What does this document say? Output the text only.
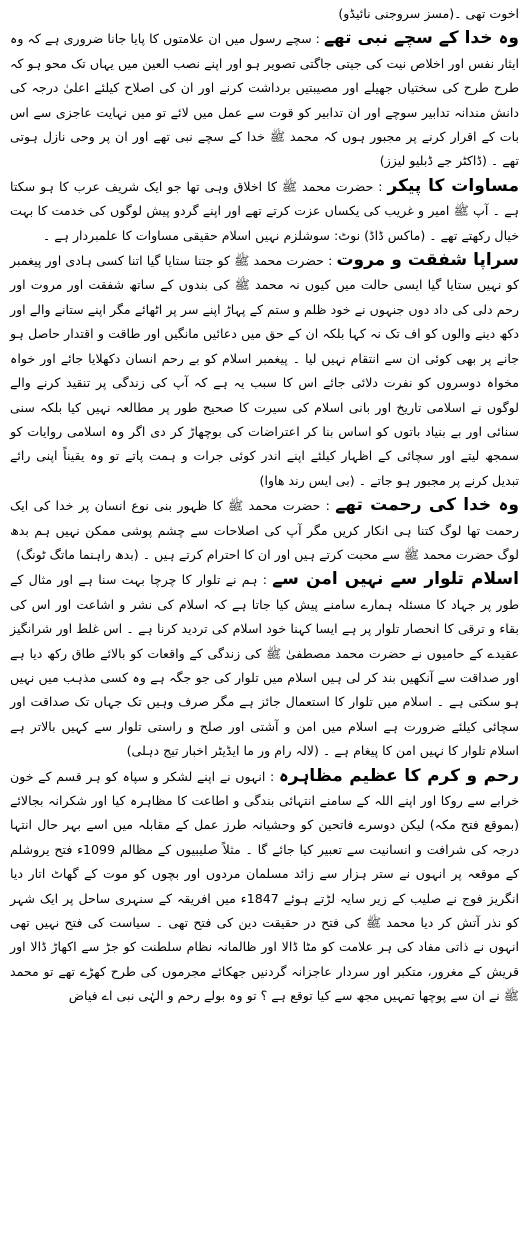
اخوت تھی ۔(مسز سروجنی نائیڈو)

وہ خدا کے سچے نبی تھے : سچے رسول میں ان علامتوں کا پایا جانا ضروری ہے کہ وہ ایثار نفس اور اخلاص نیت کی جیتی جاگتی تصویر ہو اور اپنے نصب العین میں یہاں تک محو ہو کہ طرح طرح کی سختیاں جھیلے اور مصیبتیں برداشت کرنے اور ان کی اصلاح کیلئے اعلیٰ درجہ کی دانش مندانہ تدابیر سوچے اور ان تدابیر کو قوت سے عمل میں لائے تو میں نہایت عاجزی سے اس بات کے اقرار کرنے پر مجبور ہوں کہ محمد ﷺ خدا کے سچے نبی تھے اور ان پر وحی نازل ہوتی تھے ۔ (ڈاکٹر جے ڈبلیو لیزز)

مساوات کا پیکر : حضرت محمد ﷺ کا اخلاق وہی تھا جو ایک شریف عرب کا ہو سکتا ہے ۔ آپ ﷺ امیر و غریب کی یکساں عزت کرتے تھے اور اپنے گردو پیش لوگوں کی خدمت کا بہت خیال رکھتے تھے ۔ (ماکس ڈاڈ) نوٹ: سوشلزم نہیں اسلام حقیقی مساوات کا علمبردار ہے ۔

سراپا شفقت و مروت : حضرت محمد ﷺ کو جتنا ستایا گیا اتنا کسی ہادی اور پیغمبر کو نہیں ستایا گیا ایسی حالت میں کیوں نہ محمد ﷺ کی بندوں کے ساتھ شفقت اور مروت اور رحم دلی کی داد دوں جنہوں نے خود ظلم و ستم کے پہاڑ اپنے سر پر اٹھائے مگر اپنے ستانے والے اور دکھ دینے والوں کو اف تک نہ کہا بلکہ ان کے حق میں دعائیں مانگیں اور طاقت و اقتدار حاصل ہو جانے پر بھی کوئی ان سے انتقام نہیں لیا ۔ پیغمبر اسلام کو بے رحم انسان دکھلایا جائے اور خواہ مخواہ دوسروں کو نفرت دلائی جائے اس کا سبب یہ ہے کہ آپ کی زندگی پر تنقید کرنے والے لوگوں نے اسلامی تاریخ اور بانی اسلام کی سیرت کا صحیح طور پر مطالعہ نہیں کیا بلکہ سنی سنائی اور بے بنیاد باتوں کو اساس بنا کر اعتراضات کی بوچھاڑ کر دی اگر وہ اسلامی روایات کو سمجھ لیتے اور سچائی کے اظہار کیلئے اپنے اندر کوئی جرات و ہمت پاتے تو وہ یقیناً اپنی رائے تبدیل کرنے پر مجبور ہو جاتے ۔ (بی ایس رند ھاوا)

وہ خدا کی رحمت تھے : حضرت محمد ﷺ کا ظہور بنی نوع انسان پر خدا کی ایک رحمت تھا لوگ کتنا ہی انکار کریں مگر آپ کی اصلاحات سے چشم پوشی ممکن نہیں ہم بدھ لوگ حضرت محمد ﷺ سے محبت کرتے ہیں اور ان کا احترام کرتے ہیں ۔ (بدھ راہنما ماتگ ٹونگ)

اسلام تلوار سے نہیں امن سے : ہم نے تلوار کا چرچا بہت سنا ہے اور مثال کے طور پر جہاد کا مسئلہ ہمارے سامنے پیش کیا جاتا ہے کہ اسلام کی نشر و اشاعت اور اس کی بقاء و ترقی کا انحصار تلوار پر ہے ایسا کہنا خود اسلام کی تردید کرنا ہے ۔ اس غلط اور شرانگیز عقیدے کے حامیوں نے حضرت محمد مصطفیٰ ﷺ کی زندگی کے واقعات کو بالائے طاق رکھ دیا ہے اور صداقت سے آنکھیں بند کر لی ہیں اسلام میں تلوار کی جو جگہ ہے وہ کسی مذہب میں نہیں ہو سکتی ہے ۔ اسلام میں تلوار کا استعمال جائز ہے مگر صرف وہیں تک جہاں تک صداقت اور سچائی کیلئے ضرورت ہے اسلام میں امن و آشتی اور صلح و راستی تلوار سے کہیں بالاتر ہے اسلام تلوار کا نہیں امن کا پیغام ہے ۔ (لالہ رام ور ما ایڈیٹر اخبار تیج دہلی)

رحم و کرم کا عظیم مظاہرہ : انہوں نے اپنے لشکر و سپاہ کو ہر قسم کے خون خرابے سے روکا اور اپنے اللہ کے سامنے انتہائی بندگی و اطاعت کا مظاہرہ کیا اور شکرانہ بجالائے (بموقع فتح مکہ) لیکن دوسرے فاتحین کو وحشیانہ طرز عمل کے مقابلہ میں اسے بہر حال انتہا درجہ کی شرافت و انسانیت سے تعبیر کیا جائے گا ۔ مثلاً صلیبیوں کے مظالم 1099ء فتح یروشلم کے موقعہ پر انہوں نے ستر ہزار سے زائد مسلمان مردوں اور بچوں کو موت کے گھاٹ اتار دیا انگریز فوج نے صلیب کے زیر سایہ لڑتے ہوئے 1847ء میں افریقہ کے سنہری ساحل پر ایک شہر کو نذر آتش کر دیا محمد ﷺ کی فتح در حقیقت دین کی فتح تھی ۔ سیاست کی فتح نہیں تھی انہوں نے ذاتی مفاد کی ہر علامت کو مٹا ڈالا اور ظالمانہ نظام سلطنت کو جڑ سے اکھاڑ ڈالا اور قریش کے مغرور، متکبر اور سردار عاجزانہ گردنیں جھکائے مجرموں کی طرح کھڑے تھے تو محمد ﷺ نے ان سے پوچھا تمہیں مجھ سے کیا توقع ہے ؟ تو وہ بولے رحم و الہٰی نبی اے فیاض
